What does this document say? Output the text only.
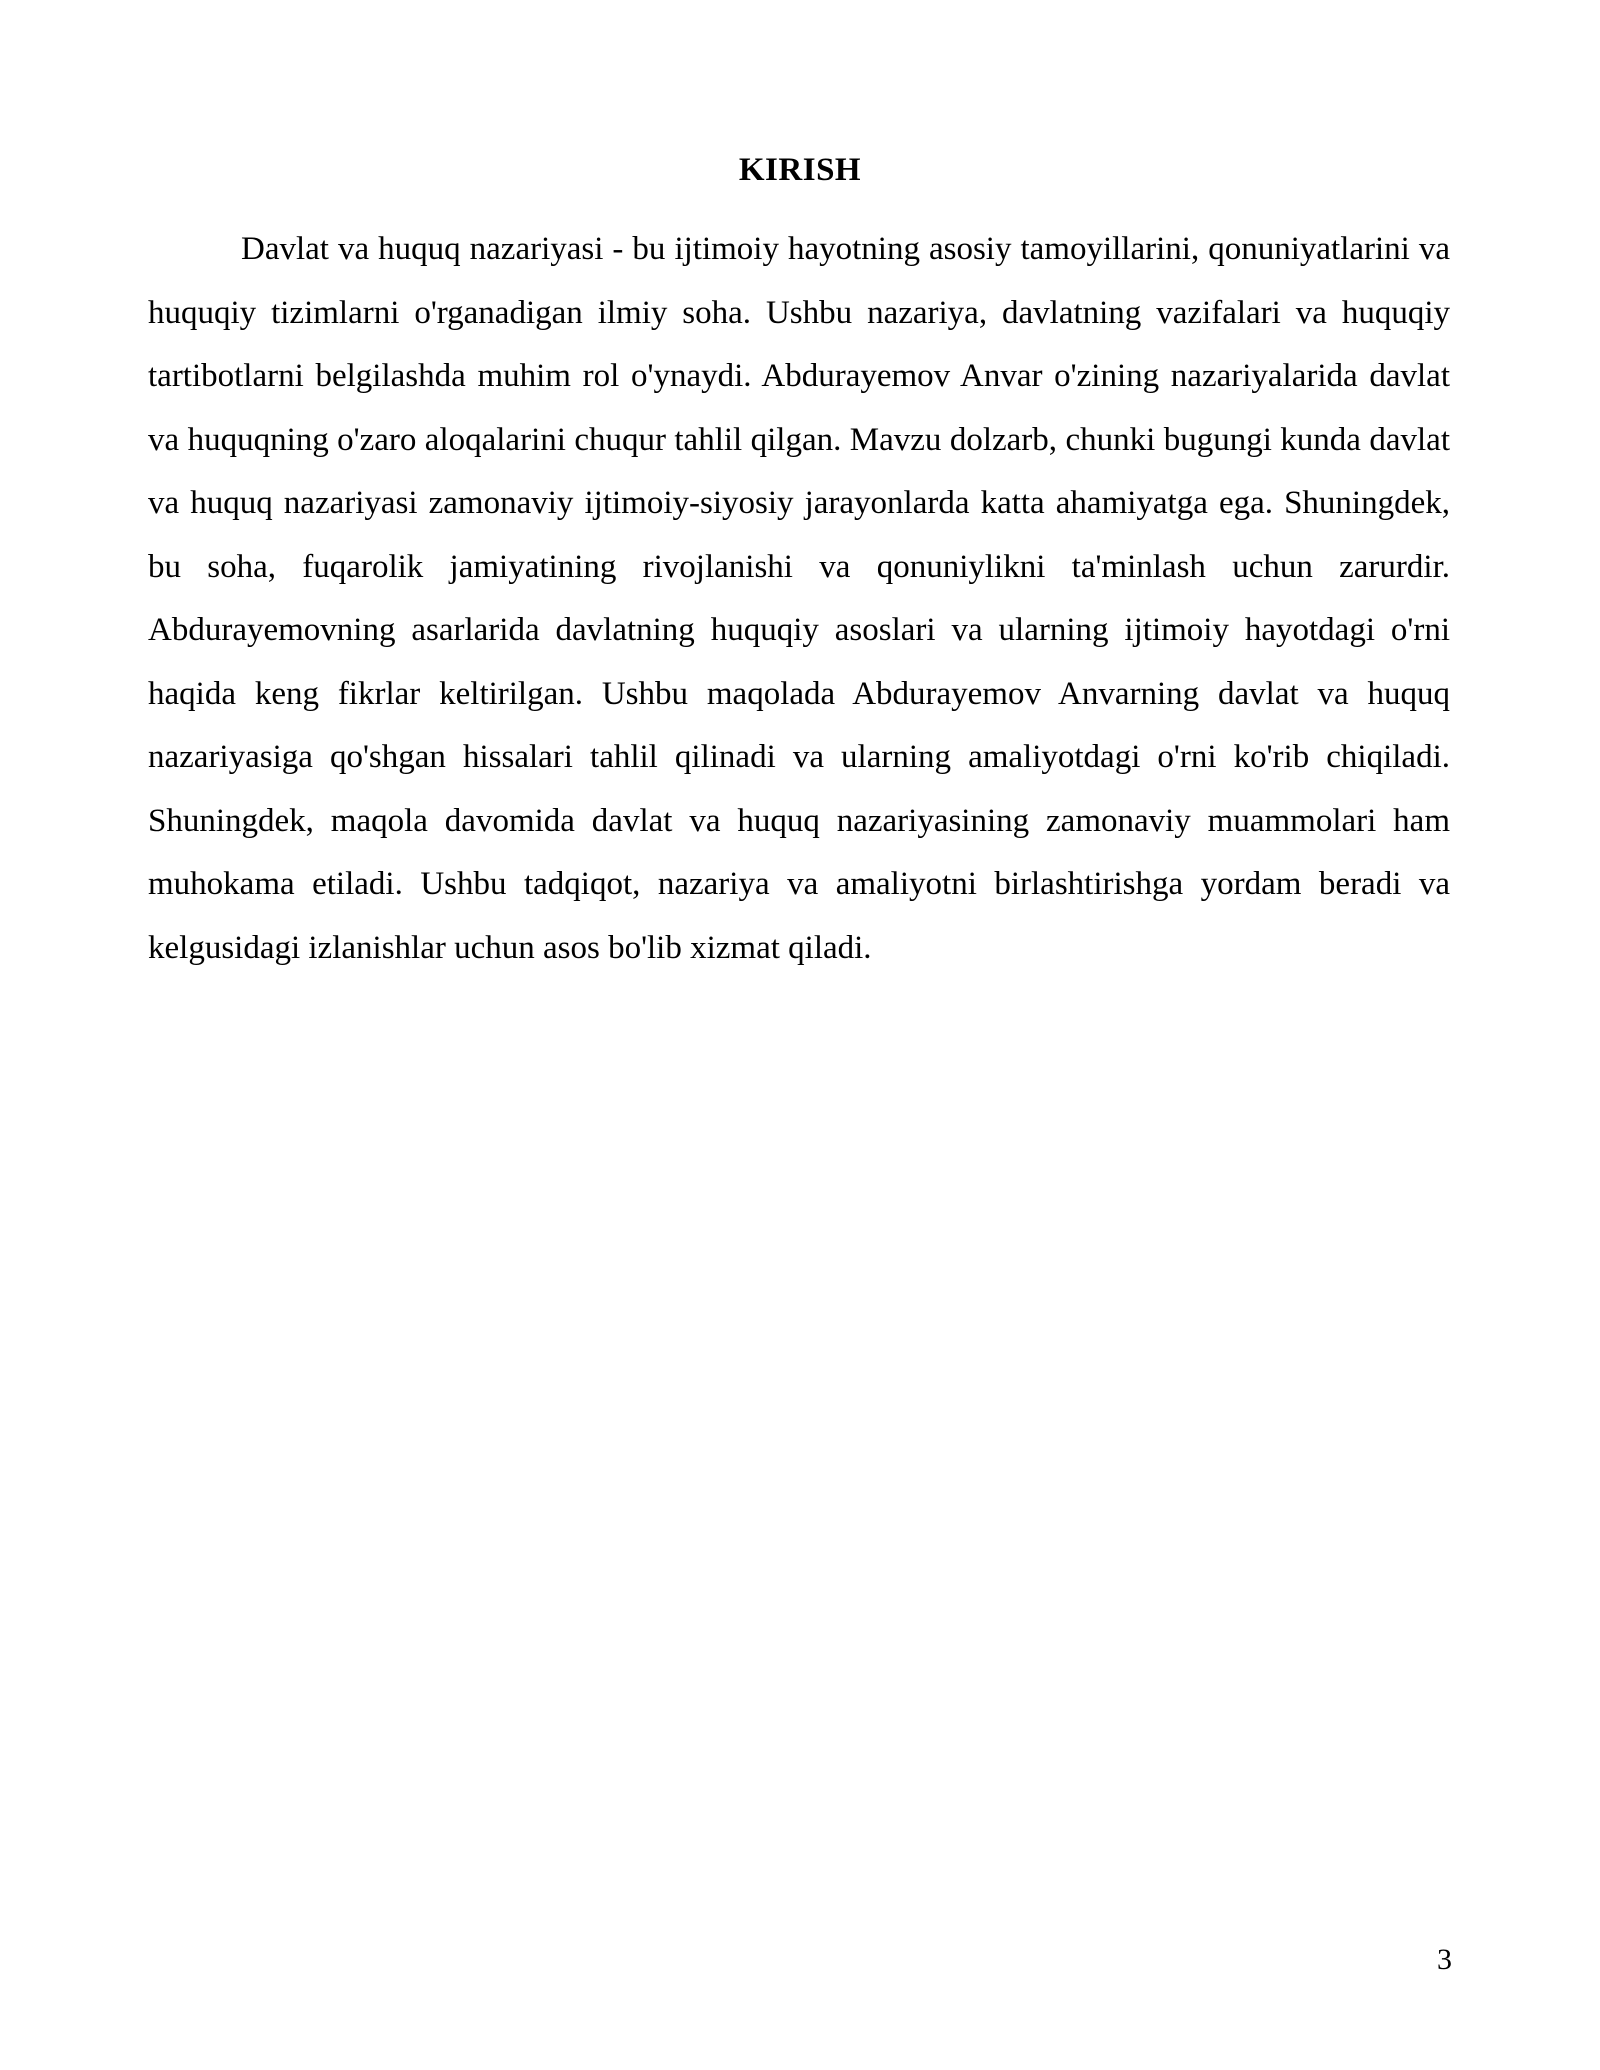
KIRISH

Davlat va huquq nazariyasi - bu ijtimoiy hayotning asosiy tamoyillarini, qonuniyatlarini va huquqiy tizimlarni o'rganadigan ilmiy soha. Ushbu nazariya, davlatning vazifalari va huquqiy tartibotlarni belgilashda muhim rol o'ynaydi. Abdurayemov Anvar o'zining nazariyalarida davlat va huquqning o'zaro aloqalarini chuqur tahlil qilgan. Mavzu dolzarb, chunki bugungi kunda davlat va huquq nazariyasi zamonaviy ijtimoiy-siyosiy jarayonlarda katta ahamiyatga ega. Shuningdek, bu soha, fuqarolik jamiyatining rivojlanishi va qonuniylikni ta'minlash uchun zarurdir. Abdurayemovning asarlarida davlatning huquqiy asoslari va ularning ijtimoiy hayotdagi o'rni haqida keng fikrlar keltirilgan. Ushbu maqolada Abdurayemov Anvarning davlat va huquq nazariyasiga qo'shgan hissalari tahlil qilinadi va ularning amaliyotdagi o'rni ko'rib chiqiladi. Shuningdek, maqola davomida davlat va huquq nazariyasining zamonaviy muammolari ham muhokama etiladi. Ushbu tadqiqot, nazariya va amaliyotni birlashtirishga yordam beradi va kelgusidagi izlanishlar uchun asos bo'lib xizmat qiladi.

3
